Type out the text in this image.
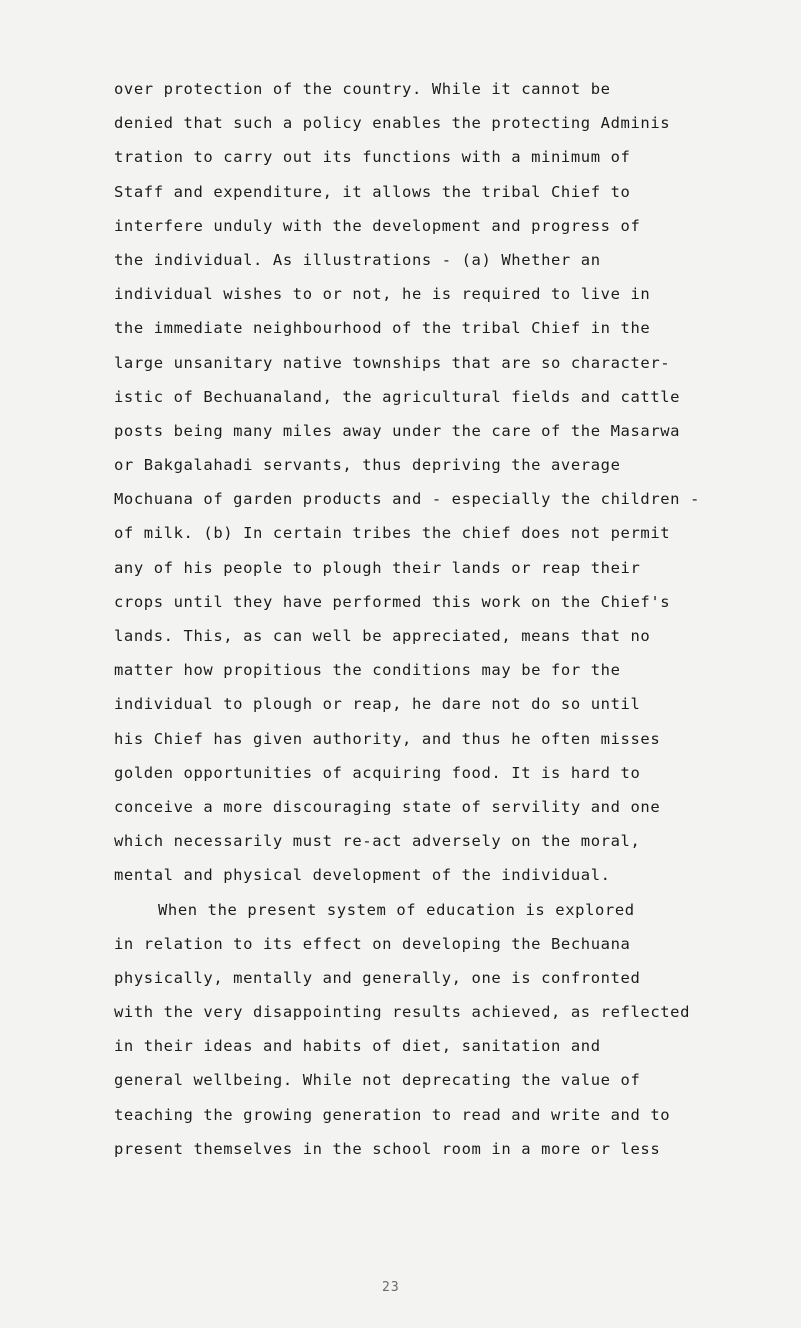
over protection of the country. While it cannot be
denied that such a policy enables the protecting Adminis
tration to carry out its functions with a minimum of
Staff and expenditure, it allows the tribal Chief to
interfere unduly with the development and progress of
the individual. As illustrations - (a) Whether an
individual wishes to or not, he is required to live in
the immediate neighbourhood of the tribal Chief in the
large unsanitary native townships that are so character-
istic of Bechuanaland, the agricultural fields and cattle
posts being many miles away under the care of the Masarwa
or Bakgalahadi servants, thus depriving the average
Mochuana of garden products and - especially the children -
of milk. (b) In certain tribes the chief does not permit
any of his people to plough their lands or reap their
crops until they have performed this work on the Chief's
lands. This, as can well be appreciated, means that no
matter how propitious the conditions may be for the
individual to plough or reap, he dare not do so until
his Chief has given authority, and thus he often misses
golden opportunities of acquiring food. It is hard to
conceive a more discouraging state of servility and one
which necessarily must re-act adversely on the moral,
mental and physical development of the individual.
When the present system of education is explored
in relation to its effect on developing the Bechuana
physically, mentally and generally, one is confronted
with the very disappointing results achieved, as reflected
in their ideas and habits of diet, sanitation and
general wellbeing. While not deprecating the value of
teaching the growing generation to read and write and to
present themselves in the school room in a more or less
23
